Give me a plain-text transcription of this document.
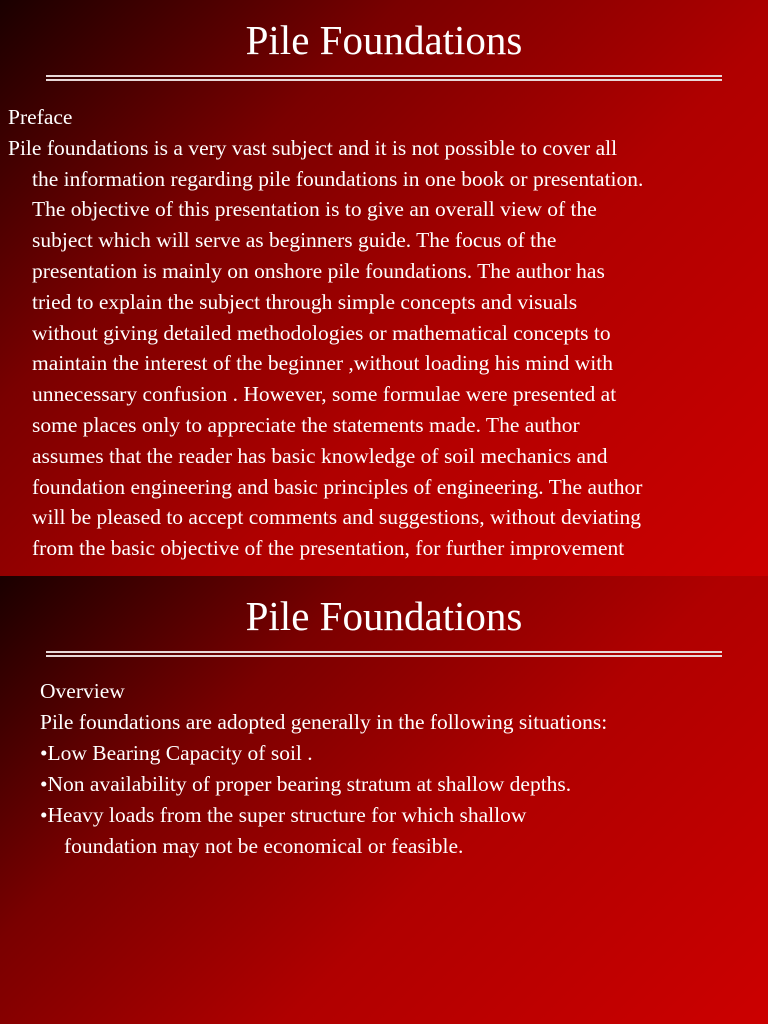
Pile Foundations
Pile Foundations
Preface
Pile foundations is a very vast subject and it is not possible to cover all
the information regarding pile foundations in one book or presentation.
The objective of this presentation is to give an overall view of the
subject which will serve as beginners guide. The focus of the
presentation is mainly on onshore pile foundations. The author has
tried to explain the subject through simple concepts and visuals
without giving detailed methodologies or mathematical concepts to
maintain the interest of the beginner ,without loading his mind with
unnecessary confusion . However, some formulae were presented at
some places only to appreciate the statements made. The author
assumes that the reader has basic knowledge of soil mechanics and
foundation engineering and basic principles of engineering. The author
will be pleased to accept comments and suggestions, without deviating
from the basic objective of the presentation, for further improvement
Overview
Pile foundations are adopted generally in the following situations:
•Low Bearing Capacity of soil .
•Non availability of proper bearing stratum at shallow depths.
•Heavy loads from the super structure for which shallow
foundation may not be economical or feasible.
